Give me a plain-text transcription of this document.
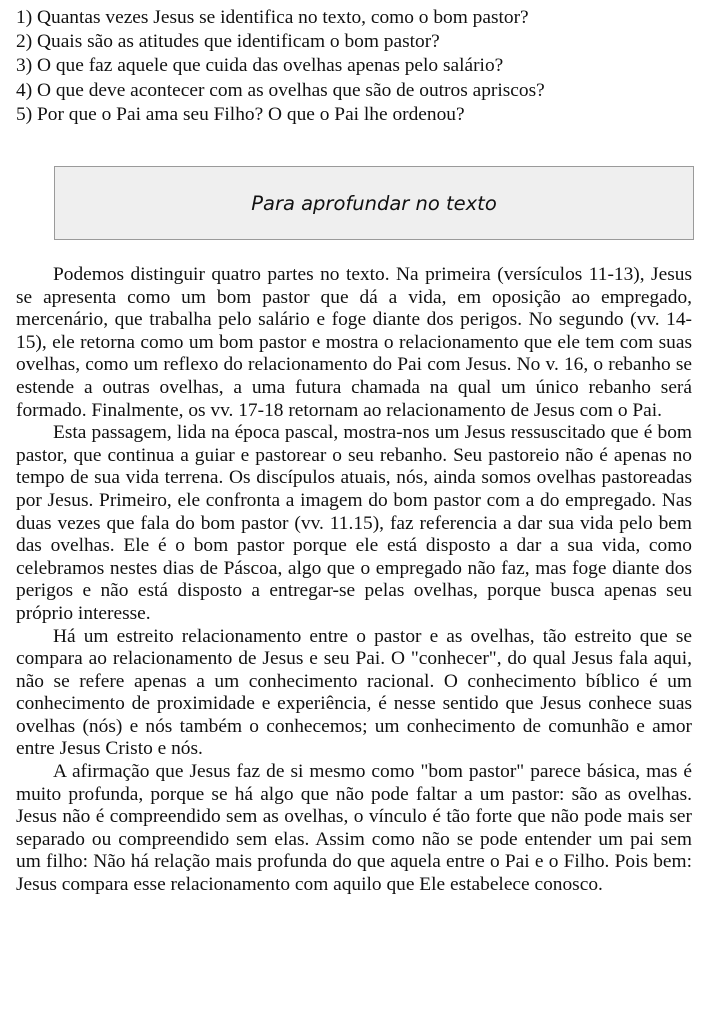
1) Quantas vezes Jesus se identifica no texto, como o bom pastor?
2) Quais são as atitudes que identificam o bom pastor?
3) O que faz aquele que cuida das ovelhas apenas pelo salário?
4) O que deve acontecer com as ovelhas que são de outros apriscos?
5) Por que o Pai ama seu Filho? O que o Pai lhe ordenou?
Para aprofundar no texto

Podemos distinguir quatro partes no texto. Na primeira (versículos 11-13), Jesus se apresenta como um bom pastor que dá a vida, em oposição ao empregado, mercenário, que trabalha pelo salário e foge diante dos perigos. No segundo (vv. 14-15), ele retorna como um bom pastor e mostra o relacionamento que ele tem com suas ovelhas, como um reflexo do relacionamento do Pai com Jesus. No v. 16, o rebanho se estende a outras ovelhas, a uma futura chamada na qual um único rebanho será formado. Finalmente, os vv. 17-18 retornam ao relacionamento de Jesus com o Pai.

Esta passagem, lida na época pascal, mostra-nos um Jesus ressuscitado que é bom pastor, que continua a guiar e pastorear o seu rebanho. Seu pastoreio não é apenas no tempo de sua vida terrena. Os discípulos atuais, nós, ainda somos ovelhas pastoreadas por Jesus. Primeiro, ele confronta a imagem do bom pastor com a do empregado. Nas duas vezes que fala do bom pastor (vv. 11.15), faz referencia a dar sua vida pelo bem das ovelhas. Ele é o bom pastor porque ele está disposto a dar a sua vida, como celebramos nestes dias de Páscoa, algo que o empregado não faz, mas foge diante dos perigos e não está disposto a entregar-se pelas ovelhas, porque busca apenas seu próprio interesse.

Há um estreito relacionamento entre o pastor e as ovelhas, tão estreito que se compara ao relacionamento de Jesus e seu Pai. O "conhecer", do qual Jesus fala aqui, não se refere apenas a um conhecimento racional. O conhecimento bíblico é um conhecimento de proximidade e experiência, é nesse sentido que Jesus conhece suas ovelhas (nós) e nós também o conhecemos; um conhecimento de comunhão e amor entre Jesus Cristo e nós.

A afirmação que Jesus faz de si mesmo como "bom pastor" parece básica, mas é muito profunda, porque se há algo que não pode faltar a um pastor: são as ovelhas. Jesus não é compreendido sem as ovelhas, o vínculo é tão forte que não pode mais ser separado ou compreendido sem elas. Assim como não se pode entender um pai sem um filho: Não há relação mais profunda do que aquela entre o Pai e o Filho. Pois bem: Jesus compara esse relacionamento com aquilo que Ele estabelece conosco.
